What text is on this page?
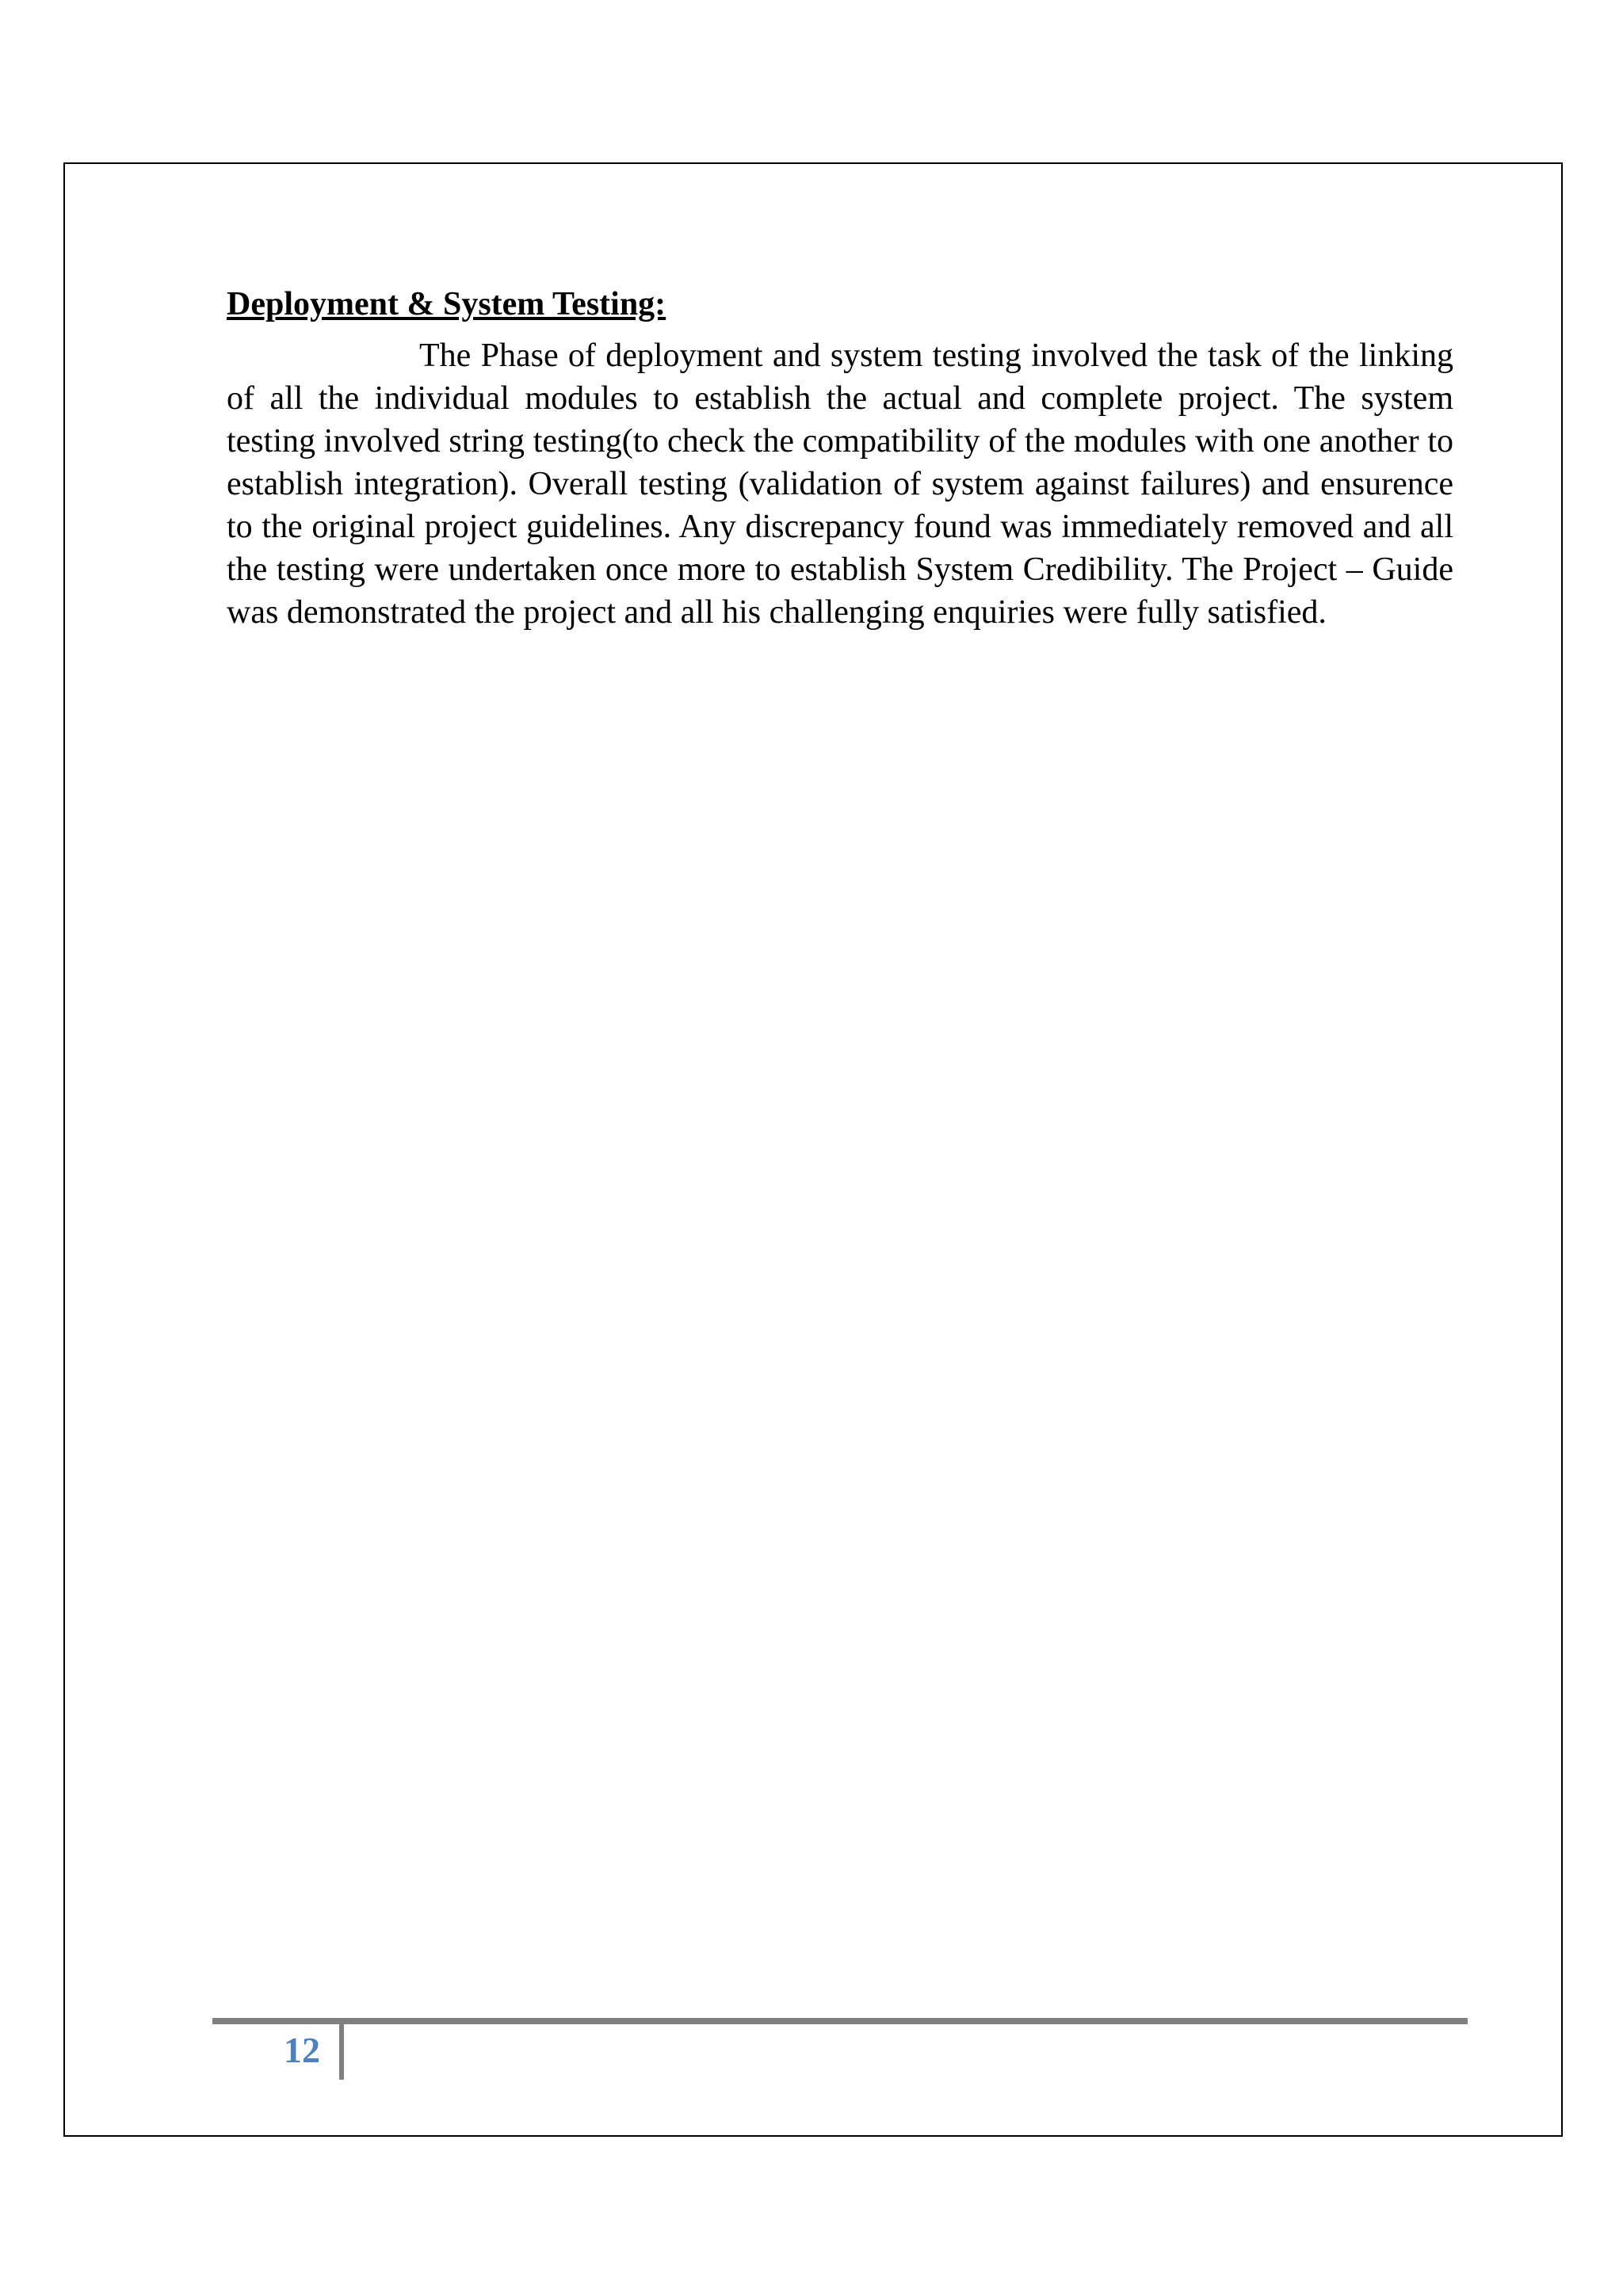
Deployment & System Testing:

The Phase of deployment and system testing involved the task of the linking of all the individual modules to establish the actual and complete project. The system testing involved string testing(to check the compatibility of the modules with one another to establish integration). Overall testing (validation of system against failures) and ensurence to the original project guidelines. Any discrepancy found was immediately removed and all the testing were undertaken once more to establish System Credibility. The Project – Guide was demonstrated the project and all his challenging enquiries were fully satisfied.

12
